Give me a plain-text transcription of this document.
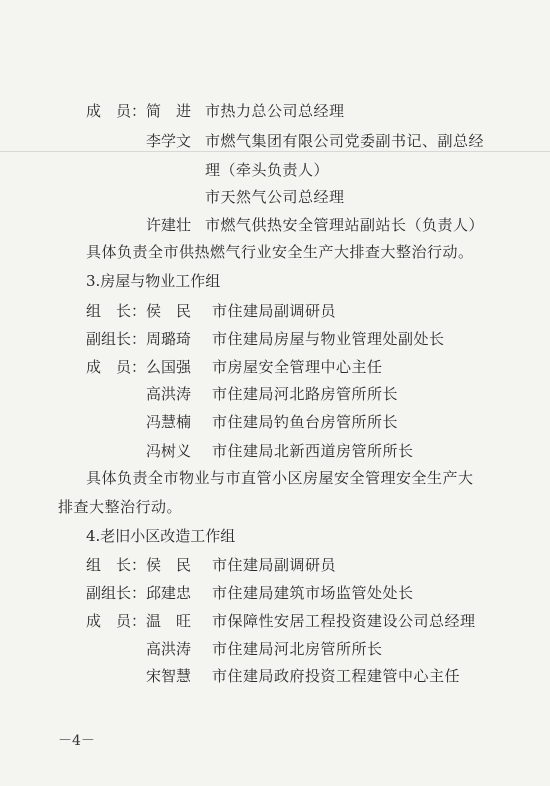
成　员： 简　进 市热力总公司总经理
李学文 市燃气集团有限公司党委副书记、副总经
理（牵头负责人）
市天然气公司总经理
许建壮 市燃气供热安全管理站副站长（负责人）
具体负责全市供热燃气行业安全生产大排查大整治行动。
3.房屋与物业工作组
组　长： 侯　民 市住建局副调研员
副组长： 周璐琦 市住建局房屋与物业管理处副处长
成　员： 么国强 市房屋安全管理中心主任
高洪涛 市住建局河北路房管所所长
冯慧楠 市住建局钓鱼台房管所所长
冯树义 市住建局北新西道房管所所长
具体负责全市物业与市直管小区房屋安全管理安全生产大
排查大整治行动。
4.老旧小区改造工作组
组　长： 侯　民 市住建局副调研员
副组长： 邱建忠 市住建局建筑市场监管处处长
成　员： 温　旺 市保障性安居工程投资建设公司总经理
高洪涛 市住建局河北房管所所长
宋智慧 市住建局政府投资工程建管中心主任
－4－
